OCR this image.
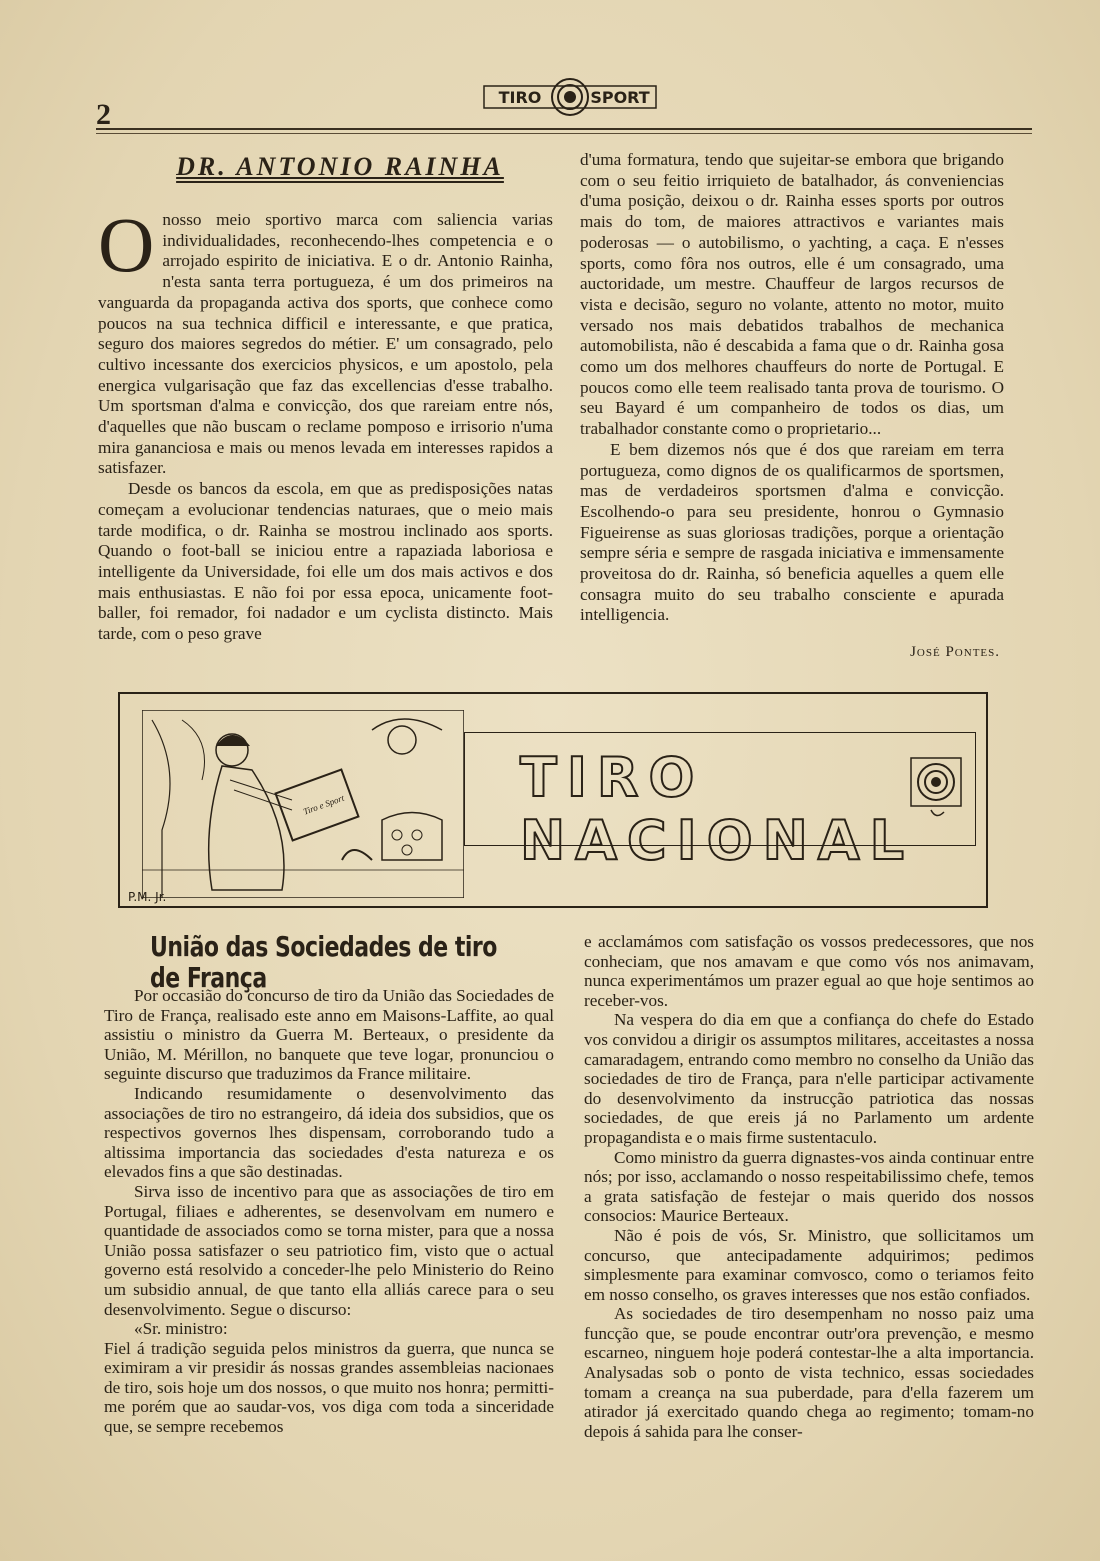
2
TIRO	SPORT
DR. ANTONIO RAINHA

Onosso meio sportivo marca com saliencia varias individualidades, reconhecendo-lhes competencia e o arrojado espirito de iniciativa. E o dr. Antonio Rainha, n'esta santa terra portugueza, é um dos primeiros na vanguarda da propaganda activa dos sports, que conhece como poucos na sua technica difficil e interessante, e que pratica, seguro dos maiores segredos do métier. E' um consagrado, pelo cultivo incessante dos exercicios physicos, e um apostolo, pela energica vulgarisação que faz das excellencias d'esse trabalho. Um sportsman d'alma e convicção, dos que rareiam entre nós, d'aquelles que não buscam o reclame pomposo e irrisorio n'uma mira gananciosa e mais ou menos levada em interesses rapidos a satisfazer.

Desde os bancos da escola, em que as predisposições natas começam a evolucionar tendencias naturaes, que o meio mais tarde modifica, o dr. Rainha se mostrou inclinado aos sports. Quando o foot-ball se iniciou entre a rapaziada laboriosa e intelligente da Universidade, foi elle um dos mais activos e dos mais enthusiastas. E não foi por essa epoca, unicamente foot-baller, foi remador, foi nadador e um cyclista distincto. Mais tarde, com o peso grave

d'uma formatura, tendo que sujeitar-se embora que brigando com o seu feitio irriquieto de batalhador, ás conveniencias d'uma posição, deixou o dr. Rainha esses sports por outros mais do tom, de maiores attractivos e variantes mais poderosas — o autobilismo, o yachting, a caça. E n'esses sports, como fôra nos outros, elle é um consagrado, uma auctoridade, um mestre. Chauffeur de largos recursos de vista e decisão, seguro no volante, attento no motor, muito versado nos mais debatidos trabalhos de mechanica automobilista, não é descabida a fama que o dr. Rainha gosa como um dos melhores chauffeurs do norte de Portugal. E poucos como elle teem realisado tanta prova de tourismo. O seu Bayard é um companheiro de todos os dias, um trabalhador constante como o proprietario...

E bem dizemos nós que é dos que rareiam em terra portugueza, como dignos de os qualificarmos de sportsmen, mas de verdadeiros sportsmen d'alma e convicção. Escolhendo-o para seu presidente, honrou o Gymnasio Figueirense as suas gloriosas tradições, porque a orientação sempre séria e sempre de rasgada iniciativa e immensamente proveitosa do dr. Rainha, só beneficia aquelles a quem elle consagra muito do seu trabalho consciente e apurada intelligencia.

José Pontes.
Tiro e Sport	TIRO NACIONAL
P.M. Jr.
União das Sociedades de tiro de França

Por occasião do concurso de tiro da União das Sociedades de Tiro de França, realisado este anno em Maisons-Laffite, ao qual assistiu o ministro da Guerra M. Berteaux, o presidente da União, M. Mérillon, no banquete que teve logar, pronunciou o seguinte discurso que traduzimos da France militaire.

Indicando resumidamente o desenvolvimento das associações de tiro no estrangeiro, dá ideia dos subsidios, que os respectivos governos lhes dispensam, corroborando tudo a altissima importancia das sociedades d'esta natureza e os elevados fins a que são destinadas.

Sirva isso de incentivo para que as associações de tiro em Portugal, filiaes e adherentes, se desenvolvam em numero e quantidade de associados como se torna mister, para que a nossa União possa satisfazer o seu patriotico fim, visto que o actual governo está resolvido a conceder-lhe pelo Ministerio do Reino um subsidio annual, de que tanto ella alliás carece para o seu desenvolvimento. Segue o discurso:

«Sr. ministro:

Fiel á tradição seguida pelos ministros da guerra, que nunca se eximiram a vir presidir ás nossas grandes assembleias nacionaes de tiro, sois hoje um dos nossos, o que muito nos honra; permitti-me porém que ao saudar-vos, vos diga com toda a sinceridade que, se sempre recebemos

e acclamámos com satisfação os vossos predecessores, que nos conheciam, que nos amavam e que como vós nos animavam, nunca experimentámos um prazer egual ao que hoje sentimos ao receber-vos.

Na vespera do dia em que a confiança do chefe do Estado vos convidou a dirigir os assumptos militares, acceitastes a nossa camaradagem, entrando como membro no conselho da União das sociedades de tiro de França, para n'elle participar activamente do desenvolvimento da instrucção patriotica das nossas sociedades, de que ereis já no Parlamento um ardente propagandista e o mais firme sustentaculo.

Como ministro da guerra dignastes-vos ainda continuar entre nós; por isso, acclamando o nosso respeitabilissimo chefe, temos a grata satisfação de festejar o mais querido dos nossos consocios: Maurice Berteaux.

Não é pois de vós, Sr. Ministro, que sollicitamos um concurso, que antecipadamente adquirimos; pedimos simplesmente para examinar comvosco, como o teriamos feito em nosso conselho, os graves interesses que nos estão confiados.

As sociedades de tiro desempenham no nosso paiz uma funcção que, se poude encontrar outr'ora prevenção, e mesmo escarneo, ninguem hoje poderá contestar-lhe a alta importancia. Analysadas sob o ponto de vista technico, essas sociedades tomam a creança na sua puberdade, para d'ella fazerem um atirador já exercitado quando chega ao regimento; tomam-no depois á sahida para lhe conser-
